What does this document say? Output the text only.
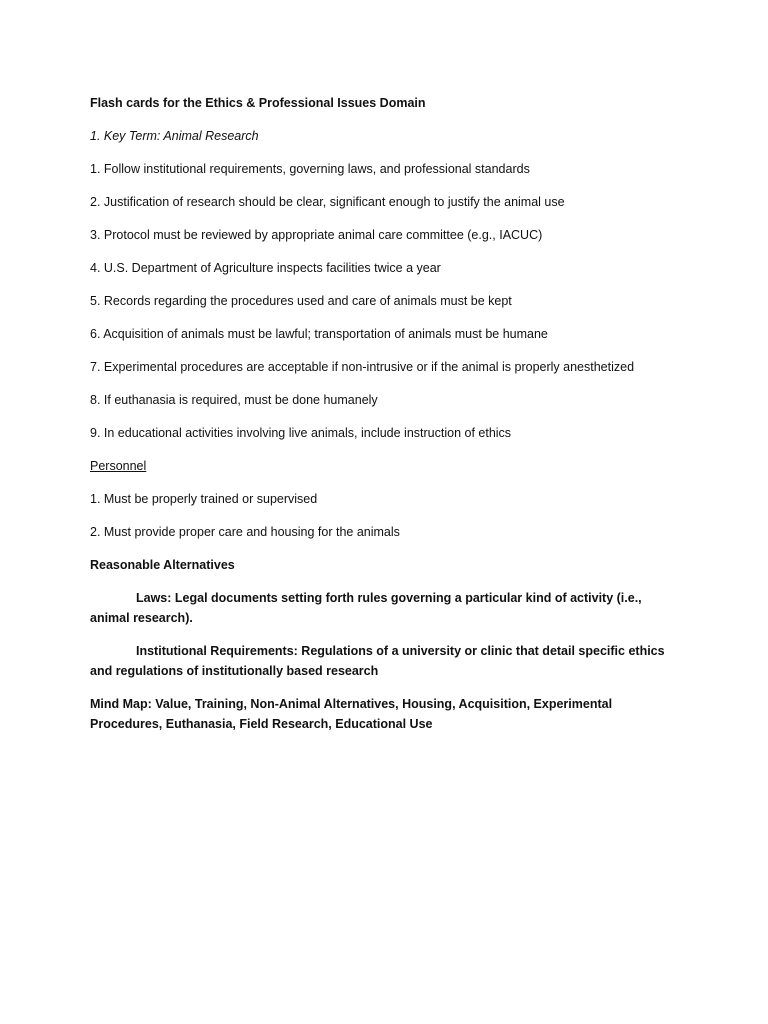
Flash cards for the Ethics & Professional Issues Domain

1. Key Term: Animal Research

1. Follow institutional requirements, governing laws, and professional standards

2. Justification of research should be clear, significant enough to justify the animal use

3. Protocol must be reviewed by appropriate animal care committee (e.g., IACUC)

4. U.S. Department of Agriculture inspects facilities twice a year

5. Records regarding the procedures used and care of animals must be kept

6. Acquisition of animals must be lawful; transportation of animals must be humane

7. Experimental procedures are acceptable if non-intrusive or if the animal is properly anesthetized

8. If euthanasia is required, must be done humanely

9. In educational activities involving live animals, include instruction of ethics

Personnel

1. Must be properly trained or supervised

2. Must provide proper care and housing for the animals

Reasonable Alternatives

Laws: Legal documents setting forth rules governing a particular kind of activity (i.e., animal research).

Institutional Requirements: Regulations of a university or clinic that detail specific ethics and regulations of institutionally based research

Mind Map: Value, Training, Non-Animal Alternatives, Housing, Acquisition, Experimental Procedures, Euthanasia, Field Research, Educational Use
